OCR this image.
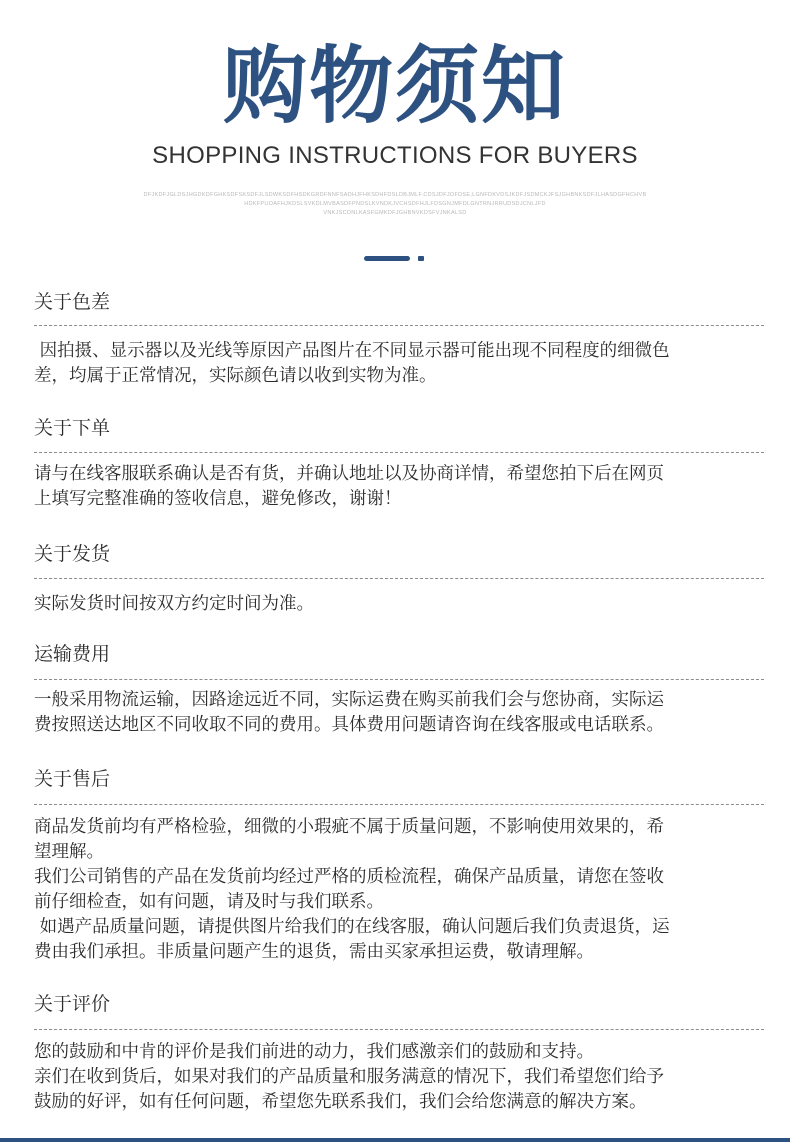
购物须知
SHOPPING INSTRUCTIONS FOR BUYERS
DFJKDFJGLDSJHGDKDFGHKSDFSKSDFJLSDWKSDFHSDKGRDFNNFSADHJFHKSDHFDSLDBJMLF.CDSJDFJOFDSE,LGNFDKVDSJKDFJSDMCKJFSJGHBNKSDFJLHASDGFHCHVB
HDKFPUOAFHJKDSLSVKDLMVBASDFPNDSLKVNDKJVCHSDFHJLFDSGNJMFDLGNTRNJRRUDSDJCNLJFD
VNKJSCDNLKASFGMKDFJGHBNVKDSFVJNKALSD
关于色差
因拍摄、显示器以及光线等原因产品图片在不同显示器可能出现不同程度的细微色
差，均属于正常情况，实际颜色请以收到实物为准。
关于下单
请与在线客服联系确认是否有货，并确认地址以及协商详情，希望您拍下后在网页
上填写完整准确的签收信息，避免修改，谢谢！
关于发货
实际发货时间按双方约定时间为准。
运输费用
一般采用物流运输，因路途远近不同，实际运费在购买前我们会与您协商，实际运
费按照送达地区不同收取不同的费用。具体费用问题请咨询在线客服或电话联系。
关于售后
商品发货前均有严格检验，细微的小瑕疵不属于质量问题，不影响使用效果的，希
望理解。
我们公司销售的产品在发货前均经过严格的质检流程，确保产品质量，请您在签收
前仔细检查，如有问题，请及时与我们联系。
如遇产品质量问题，请提供图片给我们的在线客服，确认问题后我们负责退货，运
费由我们承担。非质量问题产生的退货，需由买家承担运费，敬请理解。
关于评价
您的鼓励和中肯的评价是我们前进的动力，我们感激亲们的鼓励和支持。
亲们在收到货后，如果对我们的产品质量和服务满意的情况下，我们希望您们给予
鼓励的好评，如有任何问题，希望您先联系我们，我们会给您满意的解决方案。
